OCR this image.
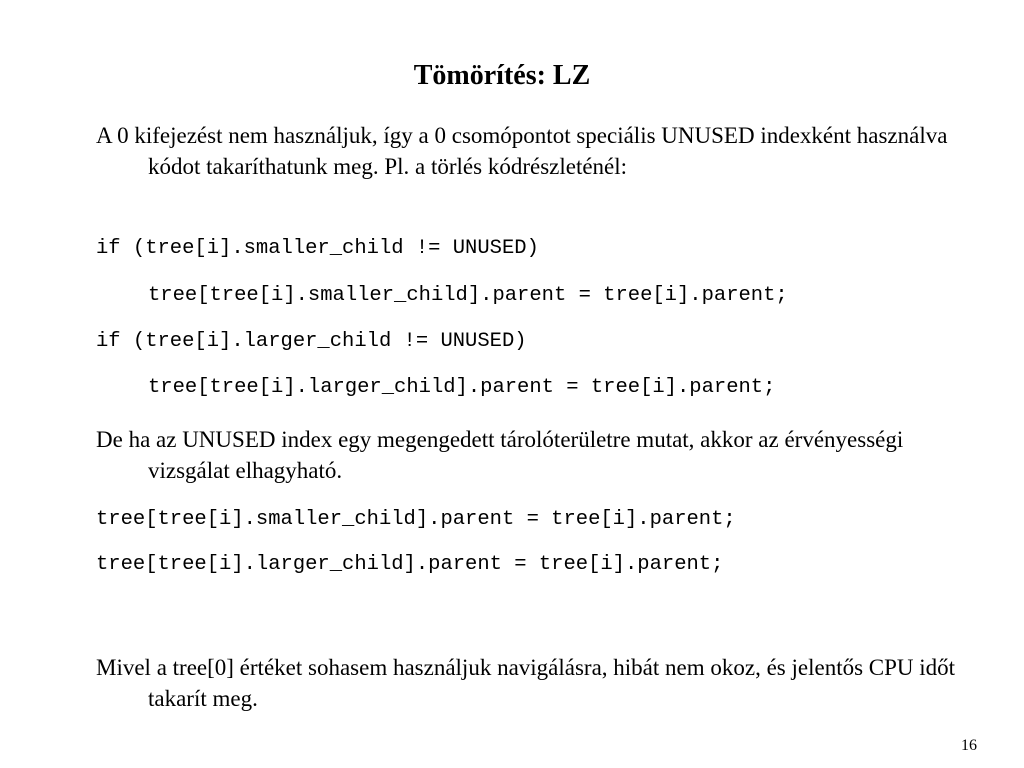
Tömörítés: LZ

A 0 kifejezést nem használjuk, így a 0 csomópontot speciális UNUSED indexként használva kódot takaríthatunk meg. Pl. a törlés kódrészleténél:

if (tree[i].smaller_child != UNUSED)
tree[tree[i].smaller_child].parent = tree[i].parent;
if (tree[i].larger_child != UNUSED)
tree[tree[i].larger_child].parent = tree[i].parent;

De ha az UNUSED index egy megengedett tárolóterületre mutat, akkor az érvényességi vizsgálat elhagyható.

tree[tree[i].smaller_child].parent = tree[i].parent;
tree[tree[i].larger_child].parent = tree[i].parent;

Mivel a tree[0] értéket sohasem használjuk navigálásra, hibát nem okoz, és jelentős CPU időt takarít meg.

16
